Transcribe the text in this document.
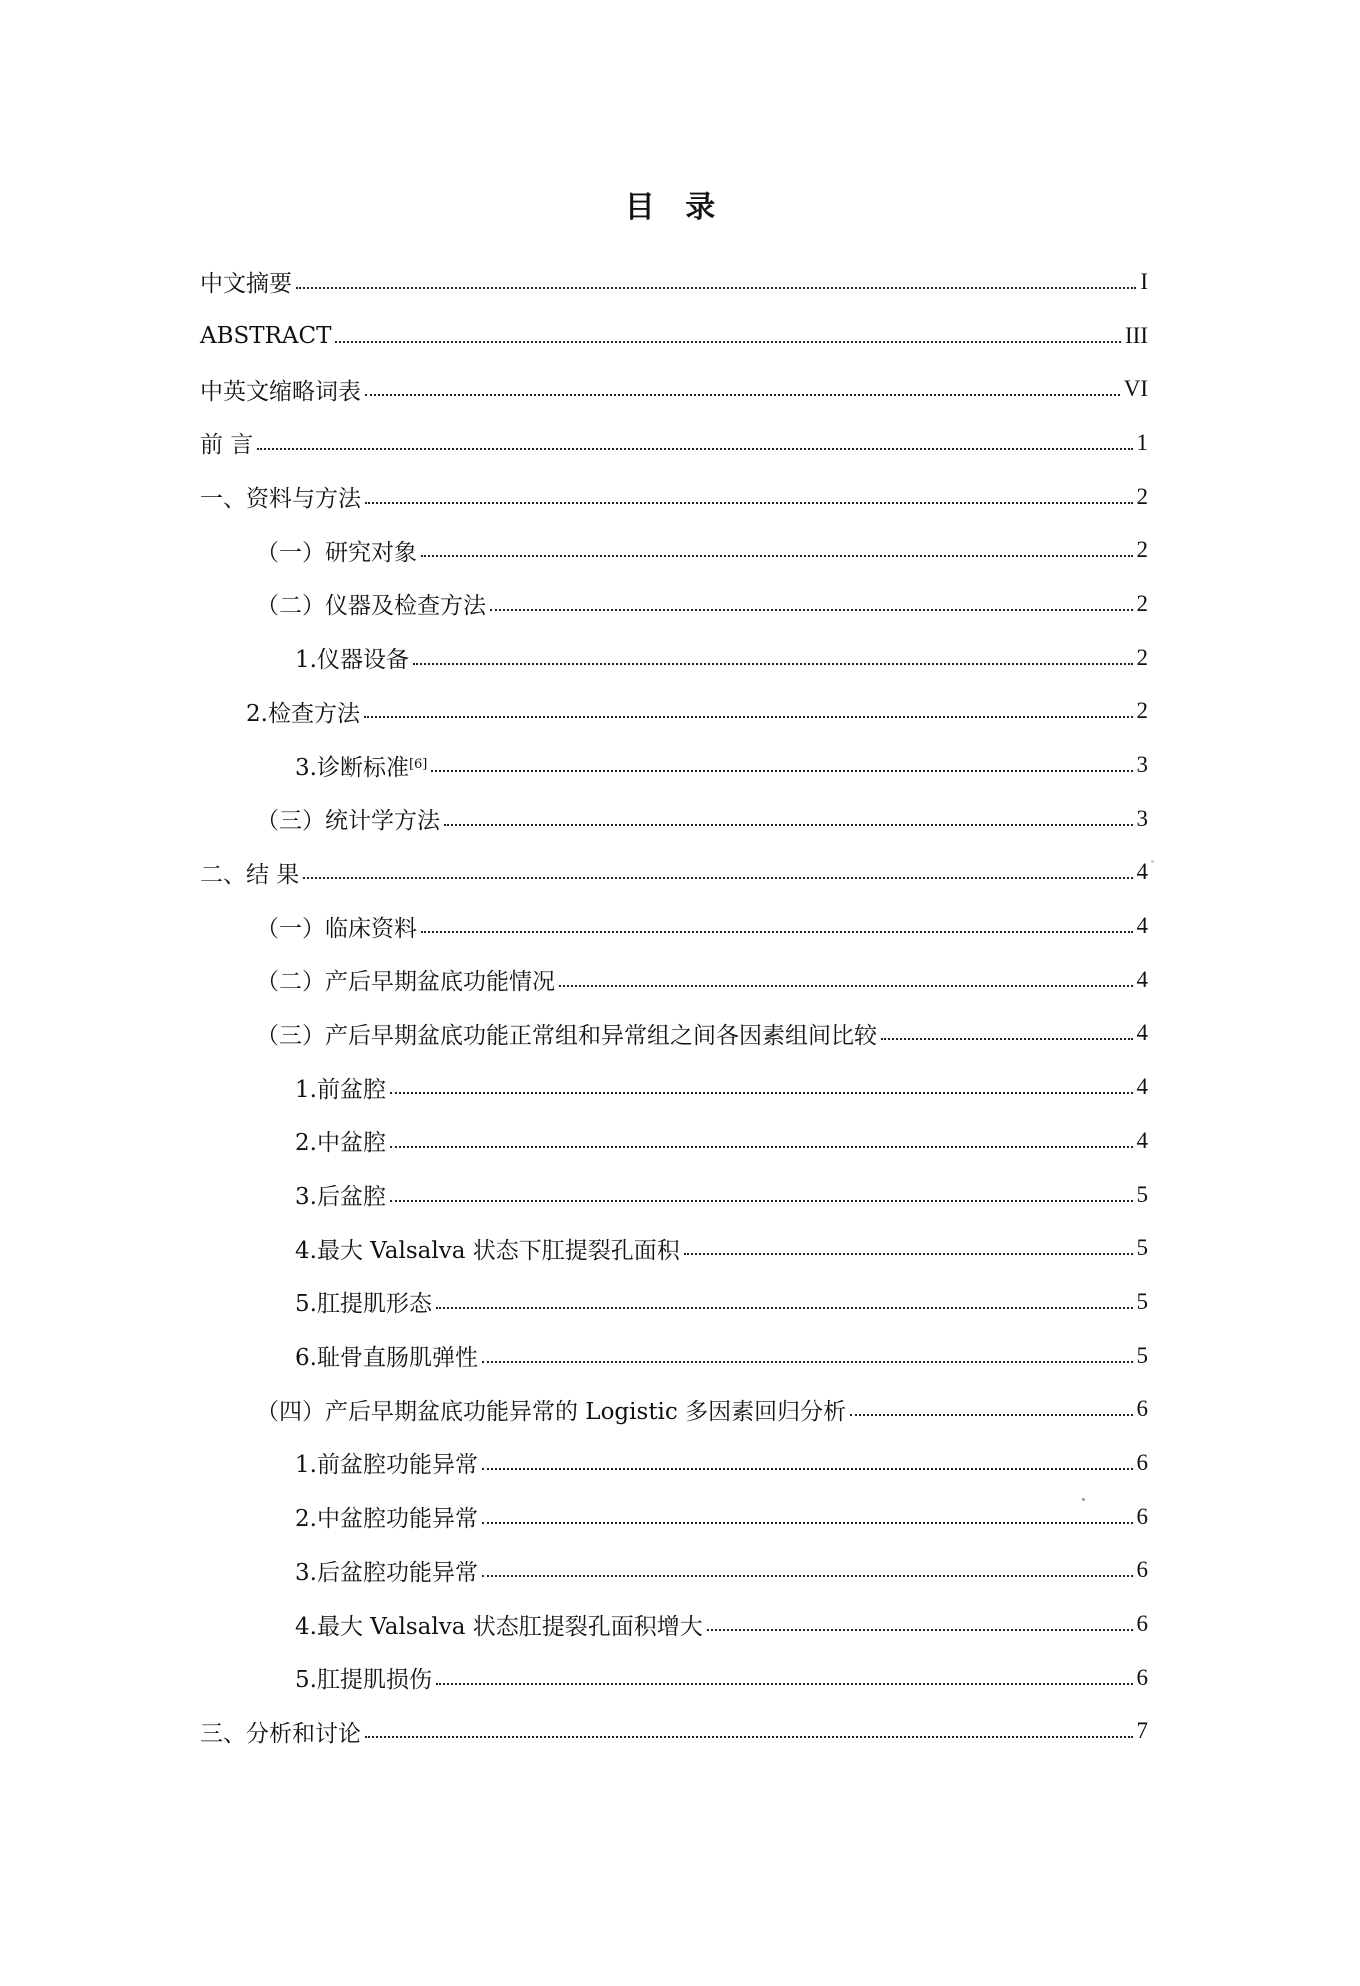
目 录
中文摘要	I
ABSTRACT	III
中英文缩略词表	VI
前 言	1
一、资料与方法	2
（一）研究对象	2
（二）仪器及检查方法	2
1.仪器设备	2
2.检查方法	2
3.诊断标准 [6]	3
（三）统计学方法	3
二、结 果	4
（一）临床资料	4
（二）产后早期盆底功能情况	4
（三）产后早期盆底功能正常组和异常组之间各因素组间比较	4
1.前盆腔	4
2.中盆腔	4
3.后盆腔	5
4.最大 Valsalva 状态下肛提裂孔面积	5
5.肛提肌形态	5
6.耻骨直肠肌弹性	5
（四）产后早期盆底功能异常的 Logistic 多因素回归分析	6
1.前盆腔功能异常	6
2.中盆腔功能异常	6
3.后盆腔功能异常	6
4.最大 Valsalva 状态肛提裂孔面积增大	6
5.肛提肌损伤	6
三、分析和讨论	7
